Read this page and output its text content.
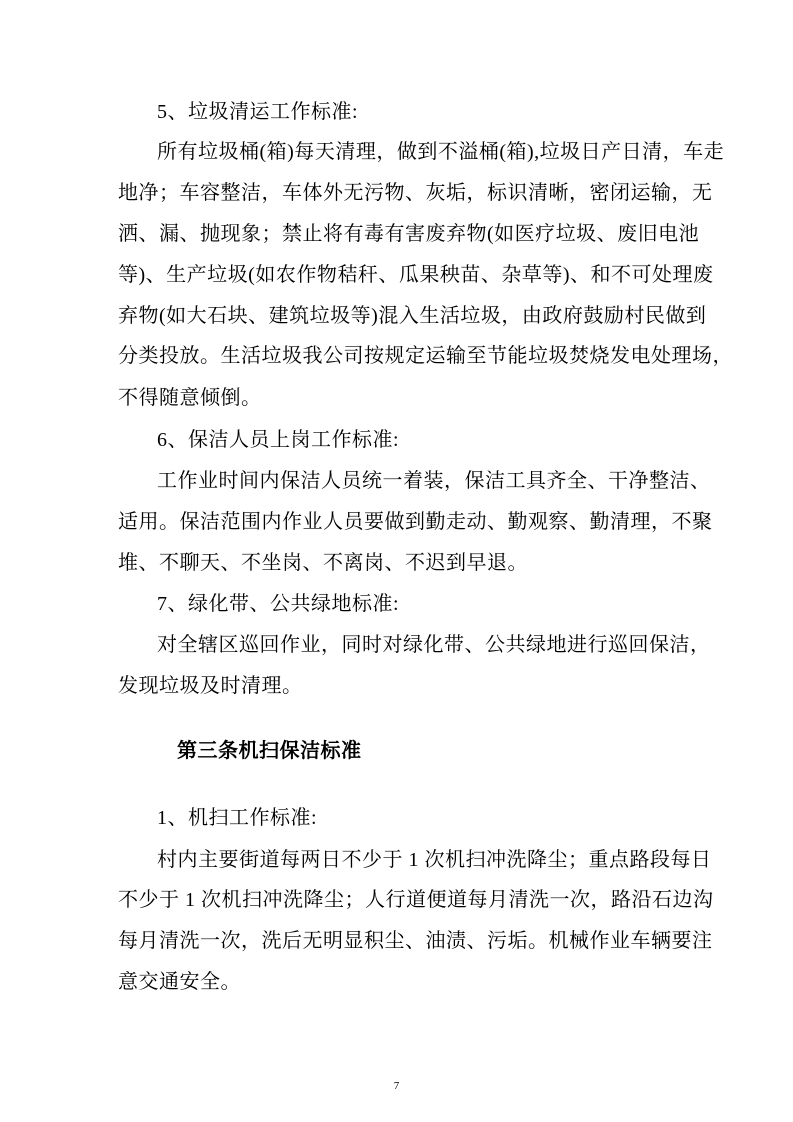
5、垃圾清运工作标准:
所有垃圾桶(箱)每天清理，做到不溢桶(箱),垃圾日产日清，车走
地净；车容整洁，车体外无污物、灰垢，标识清晰，密闭运输，无
洒、漏、抛现象；禁止将有毒有害废弃物(如医疗垃圾、废旧电池
等)、生产垃圾(如农作物秸秆、瓜果秧苗、杂草等)、和不可处理废
弃物(如大石块、建筑垃圾等)混入生活垃圾，由政府鼓励村民做到
分类投放。生活垃圾我公司按规定运输至节能垃圾焚烧发电处理场，
不得随意倾倒。
6、保洁人员上岗工作标准:
工作业时间内保洁人员统一着装，保洁工具齐全、干净整洁、
适用。保洁范围内作业人员要做到勤走动、勤观察、勤清理，不聚
堆、不聊天、不坐岗、不离岗、不迟到早退。
7、绿化带、公共绿地标准:
对全辖区巡回作业，同时对绿化带、公共绿地进行巡回保洁，
发现垃圾及时清理。
第三条机扫保洁标准
1、机扫工作标准:
村内主要街道每两日不少于 1 次机扫冲洗降尘；重点路段每日
不少于 1 次机扫冲洗降尘；人行道便道每月清洗一次，路沿石边沟
每月清洗一次，洗后无明显积尘、油渍、污垢。机械作业车辆要注
意交通安全。
7
